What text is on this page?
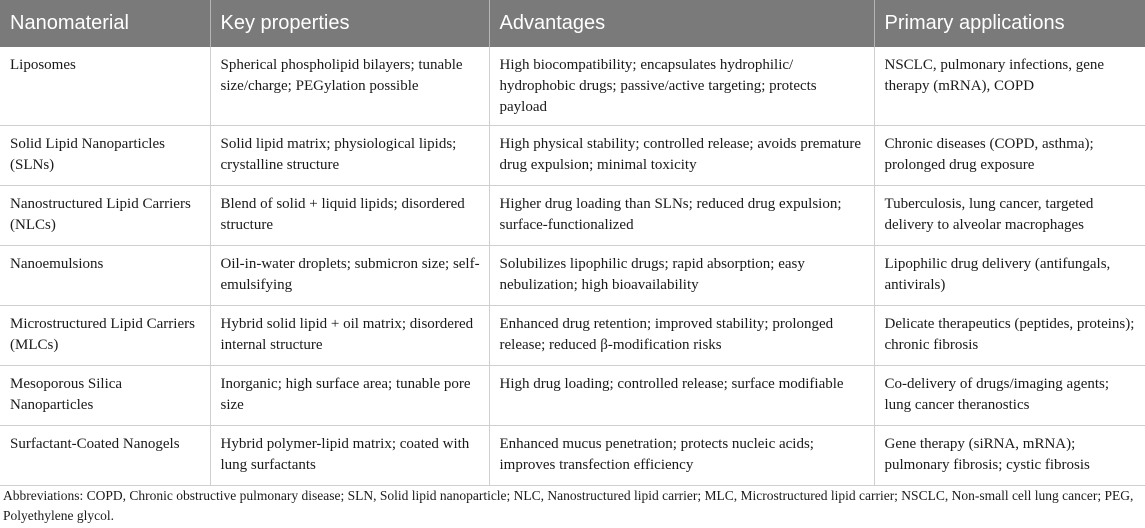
Nanomaterial	Key properties	Advantages	Primary applications
Liposomes	Spherical phospholipid bilayers; tunable size/charge; PEGylation possible	High biocompatibility; encapsulates hydrophilic/ hydrophobic drugs; passive/active targeting; protects payload	NSCLC, pulmonary infections, gene therapy (mRNA), COPD
Solid Lipid Nanoparticles (SLNs)	Solid lipid matrix; physiological lipids; crystalline structure	High physical stability; controlled release; avoids premature drug expulsion; minimal toxicity	Chronic diseases (COPD, asthma); prolonged drug exposure
Nanostructured Lipid Carriers (NLCs)	Blend of solid + liquid lipids; disordered structure	Higher drug loading than SLNs; reduced drug expulsion; surface-functionalized	Tuberculosis, lung cancer, targeted delivery to alveolar macrophages
Nanoemulsions	Oil-in-water droplets; submicron size; self-emulsifying	Solubilizes lipophilic drugs; rapid absorption; easy nebulization; high bioavailability	Lipophilic drug delivery (antifungals, antivirals)
Microstructured Lipid Carriers (MLCs)	Hybrid solid lipid + oil matrix; disordered internal structure	Enhanced drug retention; improved stability; prolonged release; reduced β-modification risks	Delicate therapeutics (peptides, proteins); chronic fibrosis
Mesoporous Silica Nanoparticles	Inorganic; high surface area; tunable pore size	High drug loading; controlled release; surface modifiable	Co-delivery of drugs/imaging agents; lung cancer theranostics
Surfactant-Coated Nanogels	Hybrid polymer-lipid matrix; coated with lung surfactants	Enhanced mucus penetration; protects nucleic acids; improves transfection efficiency	Gene therapy (siRNA, mRNA); pulmonary fibrosis; cystic fibrosis
Abbreviations: COPD, Chronic obstructive pulmonary disease; SLN, Solid lipid nanoparticle; NLC, Nanostructured lipid carrier; MLC, Microstructured lipid carrier; NSCLC, Non-small cell lung cancer; PEG, Polyethylene glycol.
